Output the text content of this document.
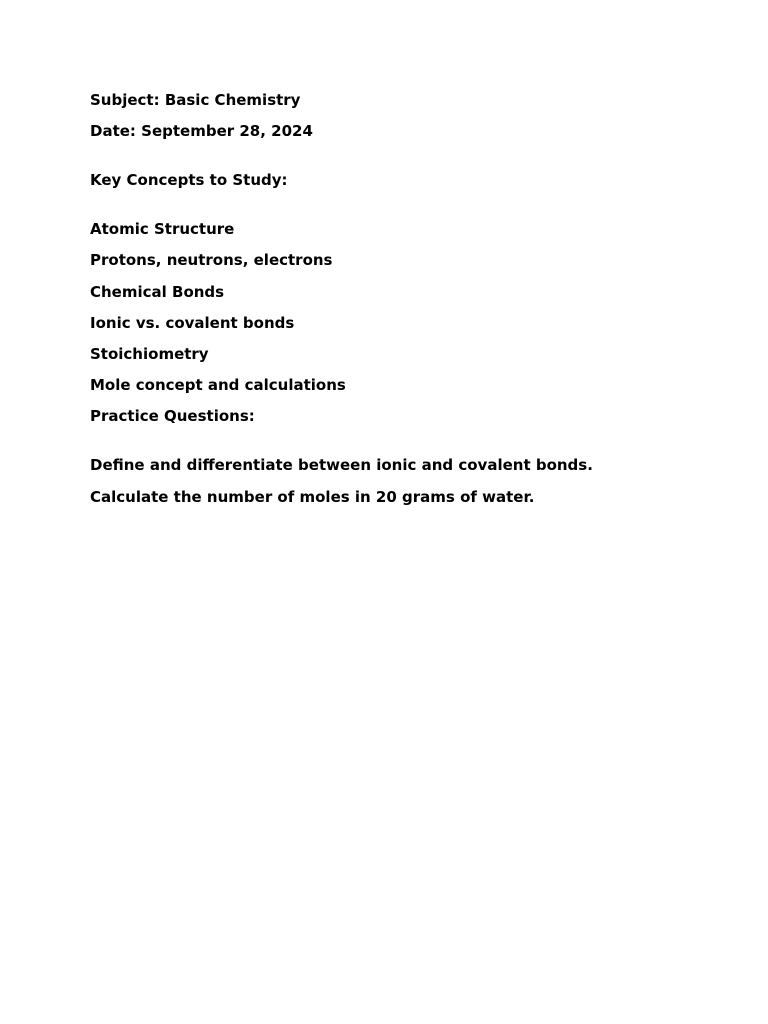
Subject: Basic Chemistry
Date: September 28, 2024
Key Concepts to Study:
Atomic Structure
Protons, neutrons, electrons
Chemical Bonds
Ionic vs. covalent bonds
Stoichiometry
Mole concept and calculations
Practice Questions:
Define and differentiate between ionic and covalent bonds.
Calculate the number of moles in 20 grams of water.
